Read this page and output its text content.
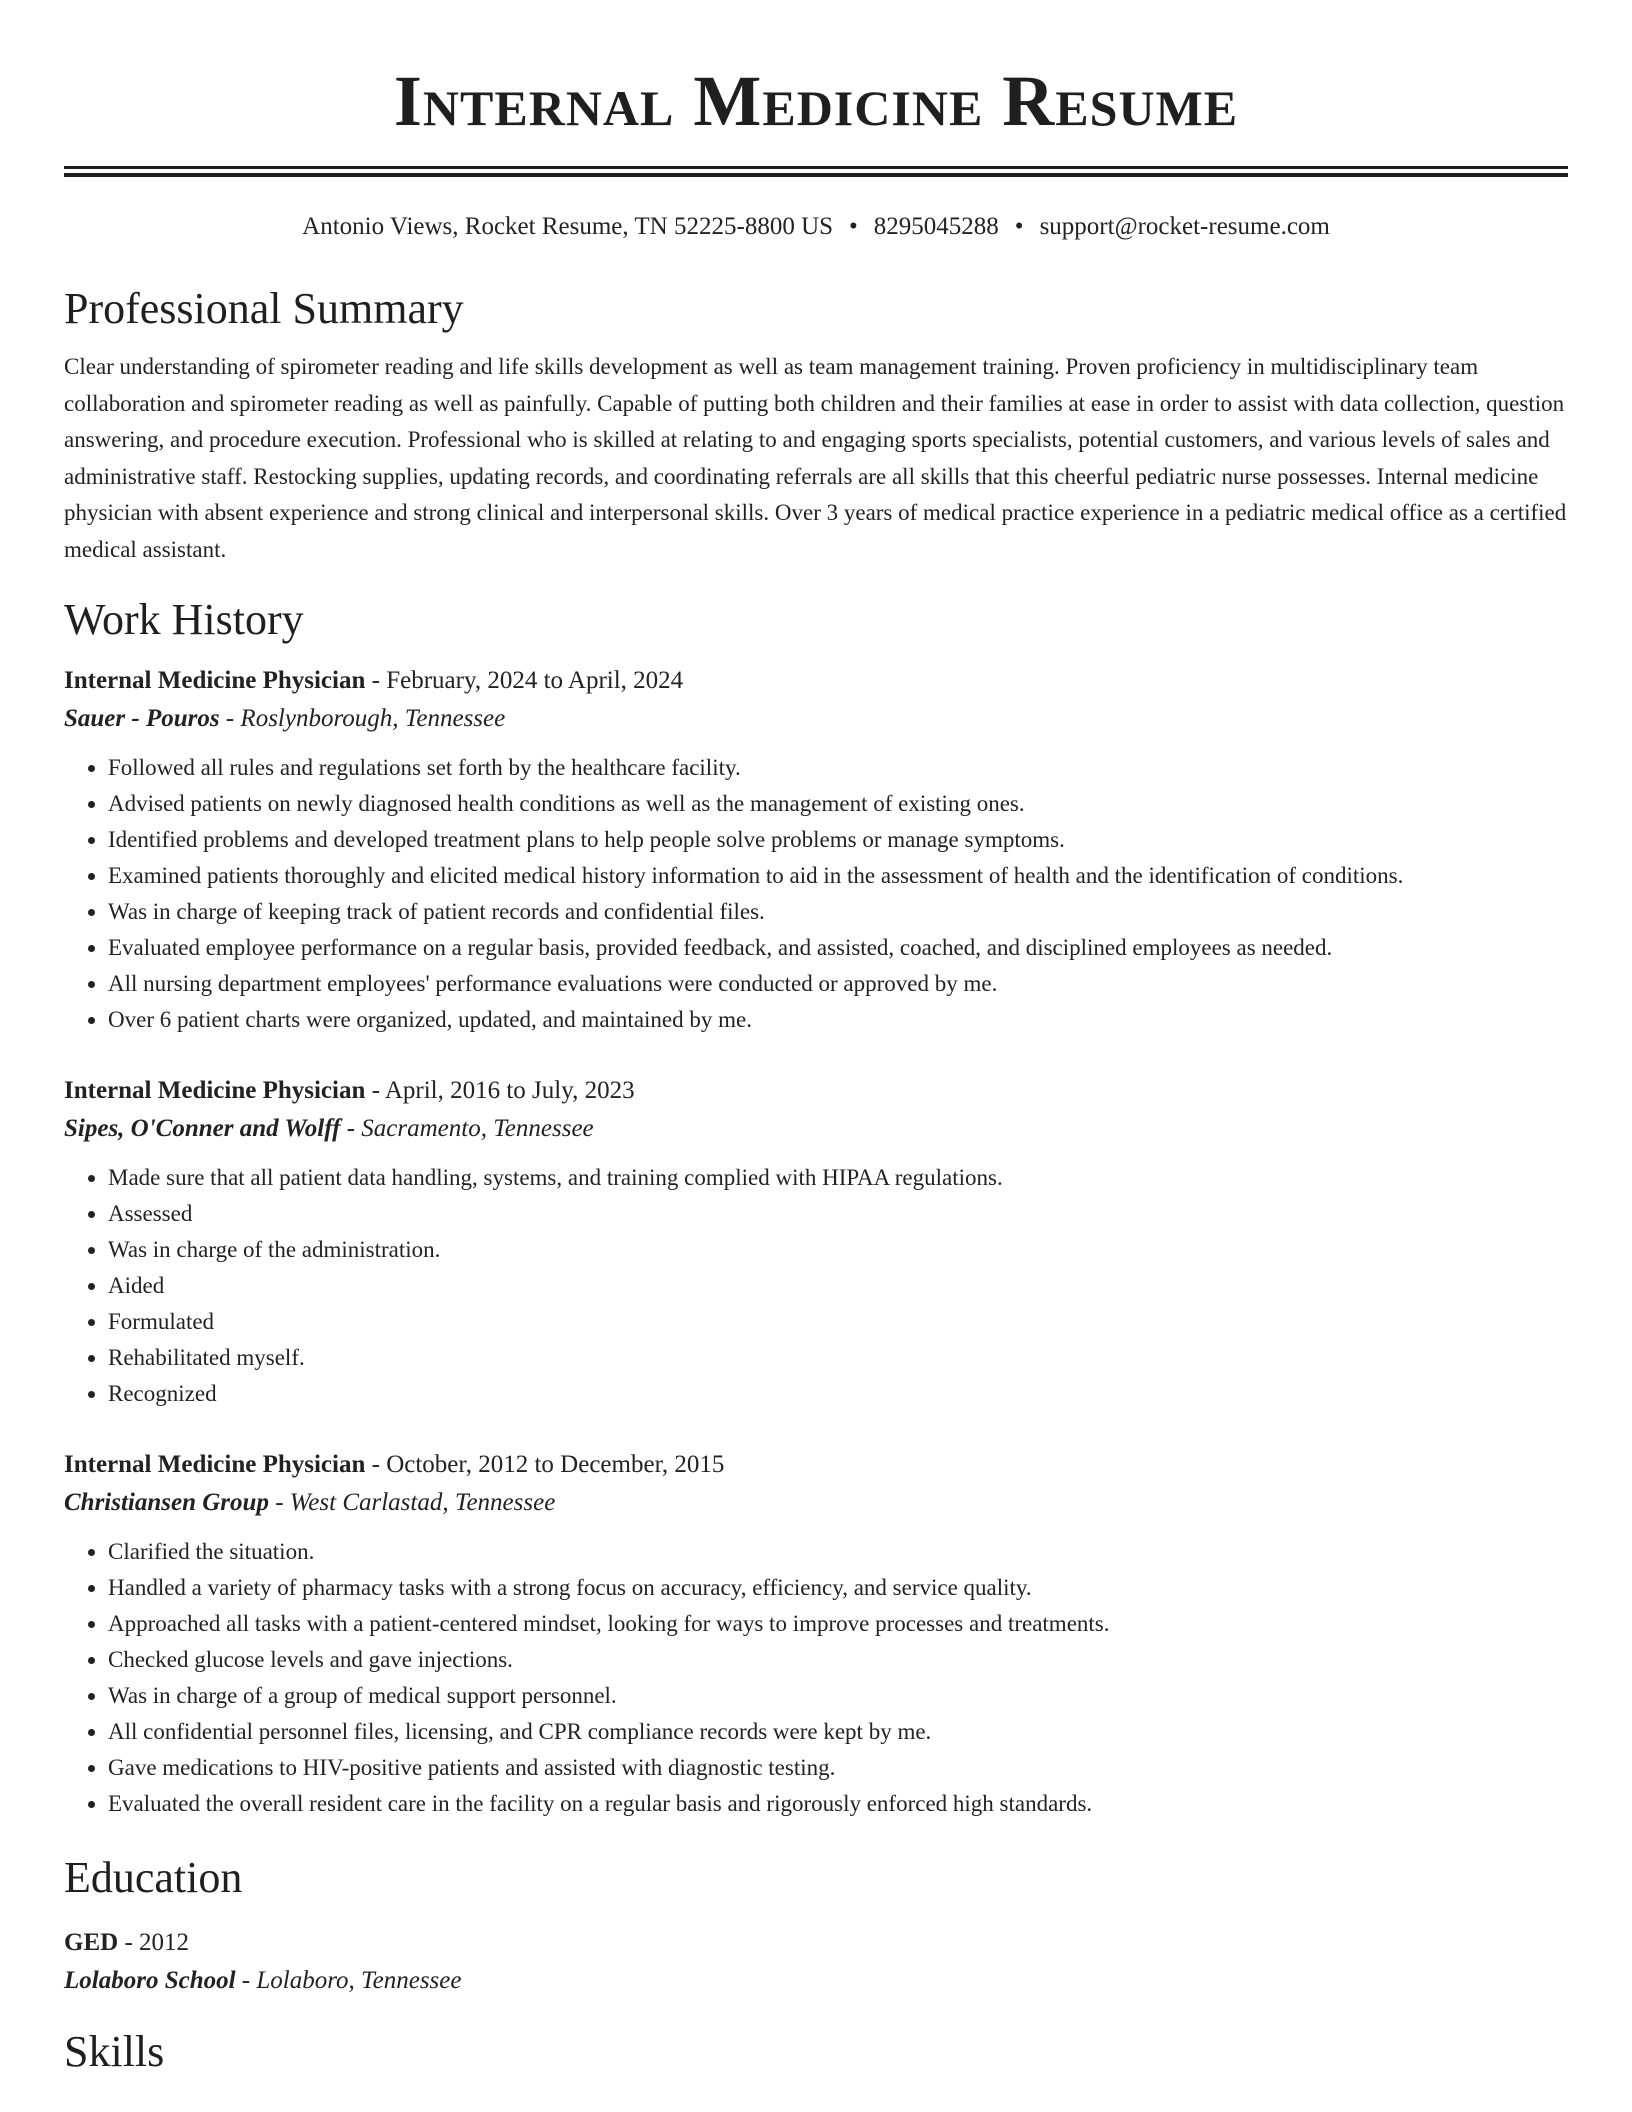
Internal Medicine Resume
Antonio Views, Rocket Resume, TN 52225-8800 US • 8295045288 • support@rocket-resume.com
Professional Summary
Clear understanding of spirometer reading and life skills development as well as team management training. Proven proficiency in multidisciplinary team collaboration and spirometer reading as well as painfully. Capable of putting both children and their families at ease in order to assist with data collection, question answering, and procedure execution. Professional who is skilled at relating to and engaging sports specialists, potential customers, and various levels of sales and administrative staff. Restocking supplies, updating records, and coordinating referrals are all skills that this cheerful pediatric nurse possesses. Internal medicine physician with absent experience and strong clinical and interpersonal skills. Over 3 years of medical practice experience in a pediatric medical office as a certified medical assistant.
Work History
Internal Medicine Physician - February, 2024 to April, 2024
Sauer - Pouros - Roslynborough, Tennessee
• Followed all rules and regulations set forth by the healthcare facility.
• Advised patients on newly diagnosed health conditions as well as the management of existing ones.
• Identified problems and developed treatment plans to help people solve problems or manage symptoms.
• Examined patients thoroughly and elicited medical history information to aid in the assessment of health and the identification of conditions.
• Was in charge of keeping track of patient records and confidential files.
• Evaluated employee performance on a regular basis, provided feedback, and assisted, coached, and disciplined employees as needed.
• All nursing department employees' performance evaluations were conducted or approved by me.
• Over 6 patient charts were organized, updated, and maintained by me.
Internal Medicine Physician - April, 2016 to July, 2023
Sipes, O'Conner and Wolff - Sacramento, Tennessee
• Made sure that all patient data handling, systems, and training complied with HIPAA regulations.
• Assessed
• Was in charge of the administration.
• Aided
• Formulated
• Rehabilitated myself.
• Recognized
Internal Medicine Physician - October, 2012 to December, 2015
Christiansen Group - West Carlastad, Tennessee
• Clarified the situation.
• Handled a variety of pharmacy tasks with a strong focus on accuracy, efficiency, and service quality.
• Approached all tasks with a patient-centered mindset, looking for ways to improve processes and treatments.
• Checked glucose levels and gave injections.
• Was in charge of a group of medical support personnel.
• All confidential personnel files, licensing, and CPR compliance records were kept by me.
• Gave medications to HIV-positive patients and assisted with diagnostic testing.
• Evaluated the overall resident care in the facility on a regular basis and rigorously enforced high standards.
Education
GED - 2012
Lolaboro School - Lolaboro, Tennessee
Skills
